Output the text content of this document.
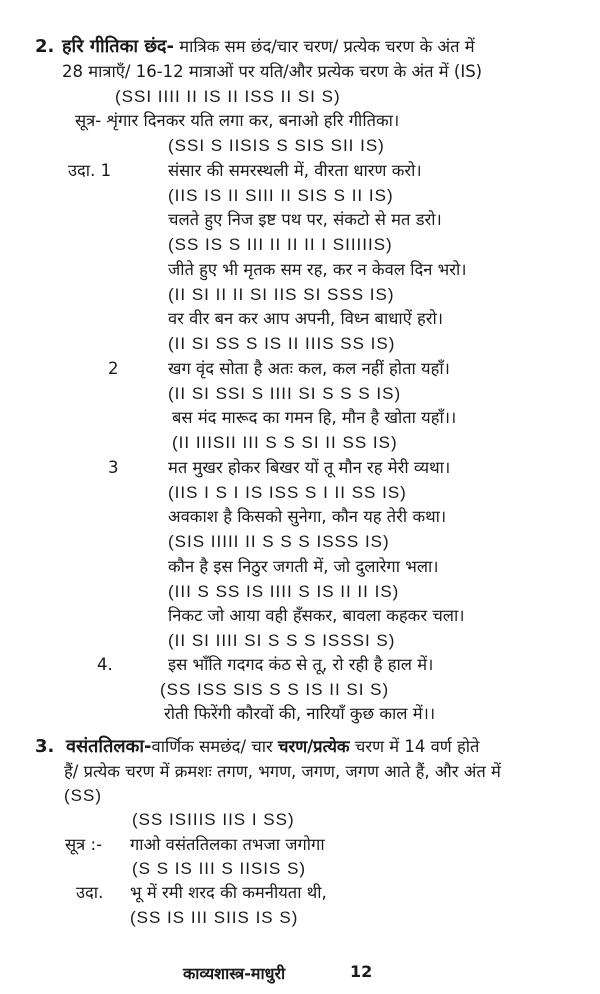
2. हरि गीतिका छंद- मात्रिक सम छंद/चार चरण/ प्रत्येक चरण के अंत में
28 मात्राएँ/ 16-12 मात्राओं पर यति/और प्रत्येक चरण के अंत में (IS)
(SSI IIII II IS II ISS II SI S)
सूत्र- शृंगार दिनकर यति लगा कर, बनाओ हरि गीतिका।
(SSI S IISIS S SIS SII IS)
उदा. 1	संसार की समरस्थली में, वीरता धारण करो।
(IIS IS II SIII II SIS S II IS)
चलते हुए निज इष्ट पथ पर, संकटो से मत डरो।
(SS IS S III II II II I SIIIIIS)
जीते हुए भी मृतक सम रह, कर न केवल दिन भरो।
(II SI II II SI IIS SI SSS IS)
वर वीर बन कर आप अपनी, विध्न बाधाऐं हरो।
(II SI SS S IS II IIIS SS IS)
2	खग वृंद सोता है अतः कल, कल नहीं होता यहाँ।
(II SI SSI S IIII SI S S S IS)
बस मंद मारूद का गमन हि, मौन है खोता यहाँ।।
(II IIISII III S S SI II SS IS)
3	मत मुखर होकर बिखर यों तू मौन रह मेरी व्यथा।
(IIS I S I IS ISS S I II SS IS)
अवकाश है किसको सुनेगा, कौन यह तेरी कथा।
(SIS IIIII II S S S ISSS IS)
कौन है इस निठुर जगती में, जो दुलारेगा भला।
(III S SS IS IIII S IS II II IS)
निकट जो आया वही हँसकर, बावला कहकर चला।
(II SI IIII SI S S S ISSSI S)
4.	इस भाँति गदगद कंठ से तू, रो रही है हाल में।
(SS ISS SIS S S IS II SI S)
रोती फिरेंगी कौरवों की, नारियाँ कुछ काल में।।
3. वसंततिलका-वार्णिक समछंद/ चार चरण/प्रत्येक चरण में 14 वर्ण होते
हैं/ प्रत्येक चरण में क्रमशः तगण, भगण, जगण, जगण आते हैं, और अंत में
(SS)
(SS ISIIIS IIS I SS)
सूत्र :- गाओ वसंततिलका तभजा जगोगा
(S S IS III S IISIS S)
उदा. भू में रमी शरद की कमनीयता थी,
(SS IS III SIIS IS S)
काव्यशास्त्र-माधुरी	12
